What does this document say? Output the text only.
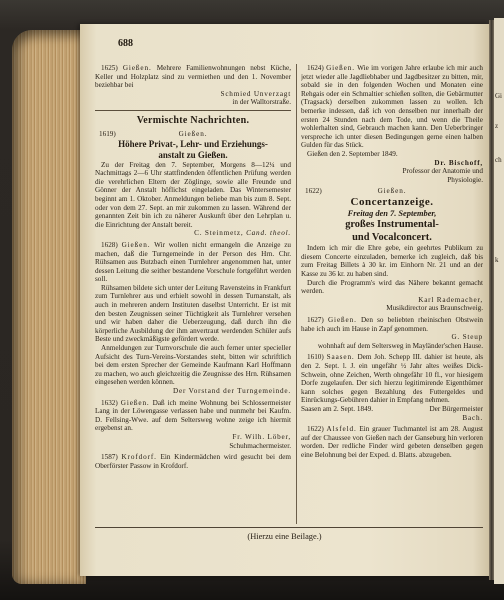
688

1625) Gießen. Mehrere Familienwohnungen nebst Küche, Keller und Holzplatz sind zu vermiethen und den 1. November beziehbar bei

Schmied Unverzagt

in der Walltorstraße.

Vermischte Nachrichten.

1619)	Gießen.

Höhere Privat-, Lehr- und Erziehungs-

anstalt zu Gießen.

Zu der Freitag den 7. September, Morgens 8—12¼ und Nachmittags 2—6 Uhr stattfindenden öffentlichen Prüfung werden die verehrlichen Eltern der Zöglinge, sowie alle Freunde und Gönner der Anstalt höflichst eingeladen. Das Wintersemester beginnt am 1. Oktober. Anmeldungen beliebe man bis zum 8. Sept. oder von dem 27. Sept. an mir zukommen zu lassen. Während der genannten Zeit bin ich zu näherer Auskunft über den Lehrplan u. die Einrichtung der Anstalt bereit.

C. Steinmetz, Cand. theol.

1628) Gießen. Wir wollen nicht ermangeln die Anzeige zu machen, daß die Turngemeinde in der Person des Hrn. Chr. Rühsamen aus Butzbach einen Turnlehrer angenommen hat, unter dessen Leitung die seither bestandene Vorschule fortgeführt werden soll.

Rühsamen bildete sich unter der Leitung Ravensteins in Frankfurt zum Turnlehrer aus und erhielt sowohl in dessen Turnanstalt, als auch in mehreren andern Instituten daselbst Unterricht. Er ist mit den besten Zeugnissen seiner Tüchtigkeit als Turnlehrer versehen und wir haben daher die Ueberzeugung, daß durch ihn die körperliche Ausbildung der ihm anvertraut werdenden Schüler aufs Beste und zweckmäßigste gefördert werde.

Anmeldungen zur Turnvorschule die auch ferner unter specieller Aufsicht des Turn-Vereins-Vorstandes steht, bitten wir schriftlich bei dem ersten Sprecher der Gemeinde Kaufmann Karl Hoffmann zu machen, wo auch gleichzeitig die Zeugnisse des Hrn. Rühsamen eingesehen werden können.

Der Vorstand der Turngemeinde.

1632) Gießen. Daß ich meine Wohnung bei Schlossermeister Lang in der Löwengasse verlassen habe und nunmehr bei Kaufm. D. Fellsing-Wwe. auf dem Seltersweg wohne zeige ich hiermit ergebenst an.

Fr. Wilh. Löber,

Schuhmachermeister.

1587) Krofdorf. Ein Kindermädchen wird gesucht bei dem Oberförster Passow in Krofdorf.

1624) Gießen. Wie im vorigen Jahre erlaube ich mir auch jetzt wieder alle Jagdliebhaber und Jagdbesitzer zu bitten, mir, sobald sie in den folgenden Wochen und Monaten eine Rehgais oder ein Schmaltier schießen sollten, die Gebärmutter (Tragsack) derselben zukommen lassen zu wollen. Ich bemerke indessen, daß ich von denselben nur innerhalb der ersten 24 Stunden nach dem Tode, und wenn die Theile wohlerhalten sind, Gebrauch machen kann. Den Ueberbringer verspreche ich unter diesen Bedingungen gerne einen halben Gulden für das Stück.

Gießen den 2. September 1849.

Dr. Bischoff,

Professor der Anatomie und

Physiologie.

1622)	Gießen.

Concertanzeige.

Freitag den 7. September,

großes Instrumental-

und Vocalconcert.

Indem ich mir die Ehre gebe, ein geehrtes Publikum zu diesem Concerte einzuladen, bemerke ich zugleich, daß bis zum Freitag Billets à 30 kr. im Einhorn Nr. 21 und an der Kasse zu 36 kr. zu haben sind.

Durch die Programm's wird das Nähere bekannt gemacht werden.

Karl Rademacher,

Musikdirector aus Braunschweig.

1627) Gießen. Den so beliebten rheinischen Obstwein habe ich auch im Hause in Zapf genommen.

G. Steup

wohnhaft auf dem Seltersweg in Mayländer'schen Hause.

1610) Saasen. Dem Joh. Schepp III. dahier ist heute, als den 2. Sept. l. J. ein ungefähr ½ Jahr altes weißes Dick-Schwein, ohne Zeichen, Werth ohngefähr 10 fl., vor hiesigem Dorfe zugelaufen. Der sich hierzu legitimirende Eigenthümer kann solches gegen Bezahlung des Futtergeldes und Einrückungs-Gebühren dahier in Empfang nehmen.

Saasen am 2. Sept. 1849.	Der Bürgermeister

Bach.

1622) Alsfeld. Ein grauer Tuchmantel ist am 28. August auf der Chaussee von Gießen nach der Ganseburg hin verloren worden. Der redliche Finder wird gebeten denselben gegen eine Belohnung bei der Exped. d. Blatts. abzugeben.

(Hierzu eine Beilage.)
Gi
z
ch
k
